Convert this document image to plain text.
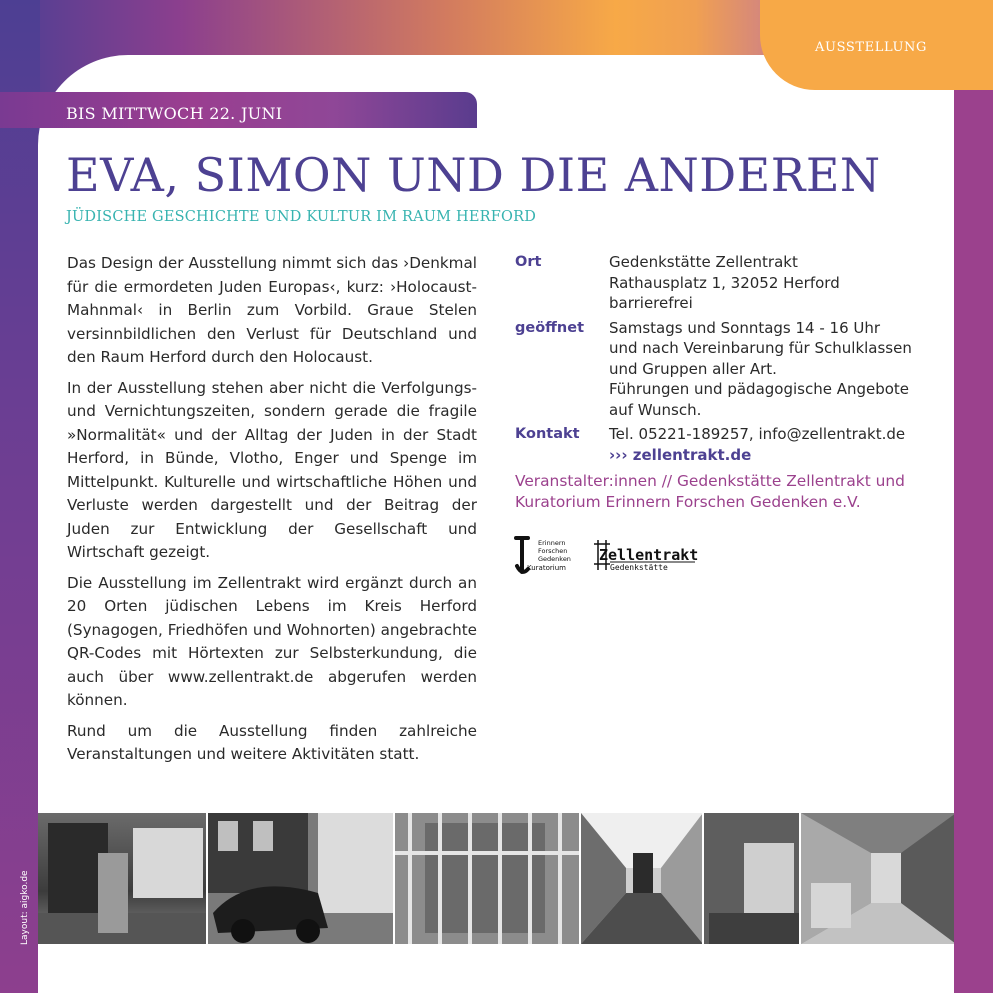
AUSSTELLUNG
BIS MITTWOCH 22. JUNI
EVA, SIMON UND DIE ANDEREN
JÜDISCHE GESCHICHTE UND KULTUR IM RAUM HERFORD

Das Design der Ausstellung nimmt sich das ›Denkmal für die ermordeten Juden Europas‹, kurz: ›Holocaust-Mahnmal‹ in Berlin zum Vorbild. Graue Stelen versinnbildlichen den Verlust für Deutschland und den Raum Herford durch den Holocaust.

In der Ausstellung stehen aber nicht die Verfolgungs- und Vernichtungszeiten, sondern gerade die fragile »Normalität« und der Alltag der Juden in der Stadt Herford, in Bünde, Vlotho, Enger und Spenge im Mittelpunkt. Kulturelle und wirtschaftliche Höhen und Verluste werden dargestellt und der Beitrag der Juden zur Entwicklung der Gesellschaft und Wirtschaft gezeigt.

Die Ausstellung im Zellentrakt wird ergänzt durch an 20 Orten jüdischen Lebens im Kreis Herford (Synagogen, Friedhöfen und Wohnorten) angebrachte QR-Codes mit Hörtexten zur Selbsterkundung, die auch über www.zellentrakt.de abgerufen werden können.

Rund um die Ausstellung finden zahlreiche Veranstaltungen und weitere Aktivitäten statt.

Ort	Gedenkstätte Zellentrakt
Rathausplatz 1, 32052 Herford
barrierefrei
geöffnet	Samstags und Sonntags 14 - 16 Uhr
und nach Vereinbarung für Schulklassen
und Gruppen aller Art.
Führungen und pädagogische Angebote
auf Wunsch.
Kontakt	Tel. 05221-189257, info@zellentrakt.de
››› zellentrakt.de
Veranstalter:innen // Gedenkstätte Zellentrakt und Kuratorium Erinnern Forschen Gedenken e.V.
Erinnern
Forschen
Gedenken
Kuratorium
Zellentrakt
Gedenkstätte
Layout: aigko.de
